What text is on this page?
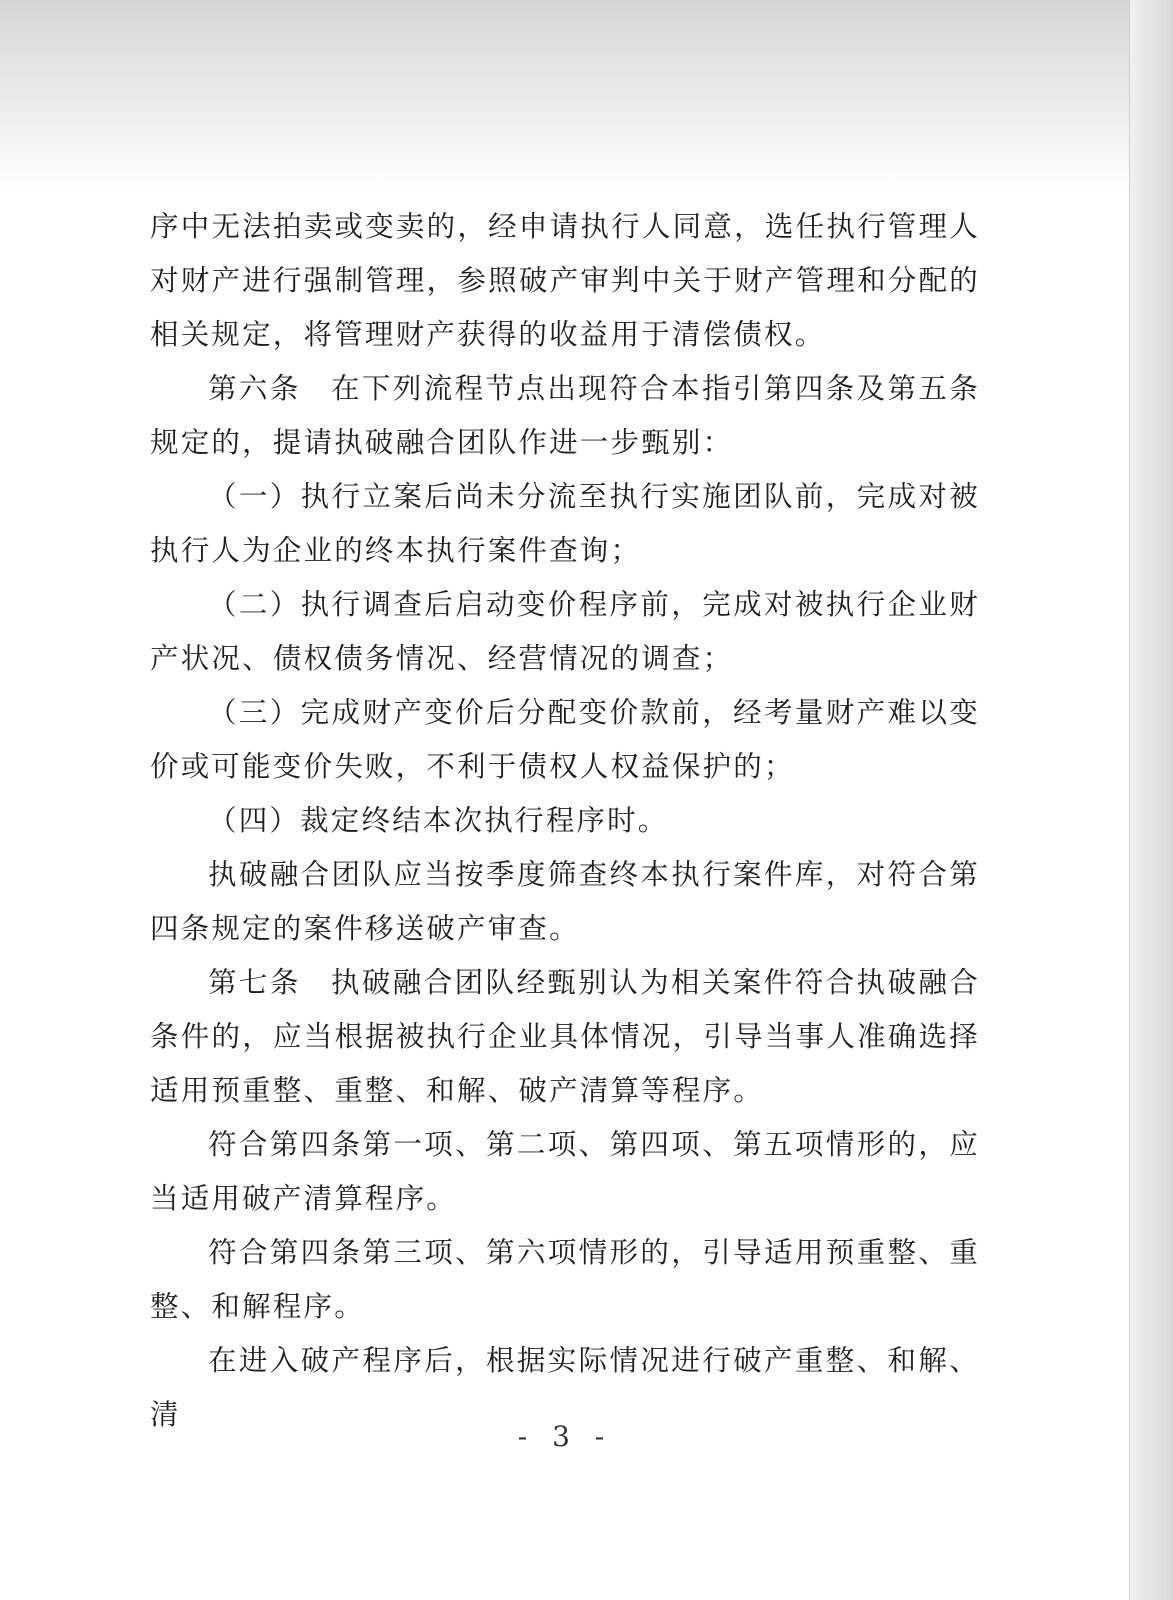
序中无法拍卖或变卖的，经申请执行人同意，选任执行管理人对财产进行强制管理，参照破产审判中关于财产管理和分配的相关规定，将管理财产获得的收益用于清偿债权。

第六条 在下列流程节点出现符合本指引第四条及第五条规定的，提请执破融合团队作进一步甄别：

（一）执行立案后尚未分流至执行实施团队前，完成对被执行人为企业的终本执行案件查询；

（二）执行调查后启动变价程序前，完成对被执行企业财产状况、债权债务情况、经营情况的调查；

（三）完成财产变价后分配变价款前，经考量财产难以变价或可能变价失败，不利于债权人权益保护的；

（四）裁定终结本次执行程序时。

执破融合团队应当按季度筛查终本执行案件库，对符合第四条规定的案件移送破产审查。

第七条 执破融合团队经甄别认为相关案件符合执破融合条件的，应当根据被执行企业具体情况，引导当事人准确选择适用预重整、重整、和解、破产清算等程序。

符合第四条第一项、第二项、第四项、第五项情形的，应当适用破产清算程序。

符合第四条第三项、第六项情形的，引导适用预重整、重整、和解程序。

在进入破产程序后，根据实际情况进行破产重整、和解、清

- 3 -
